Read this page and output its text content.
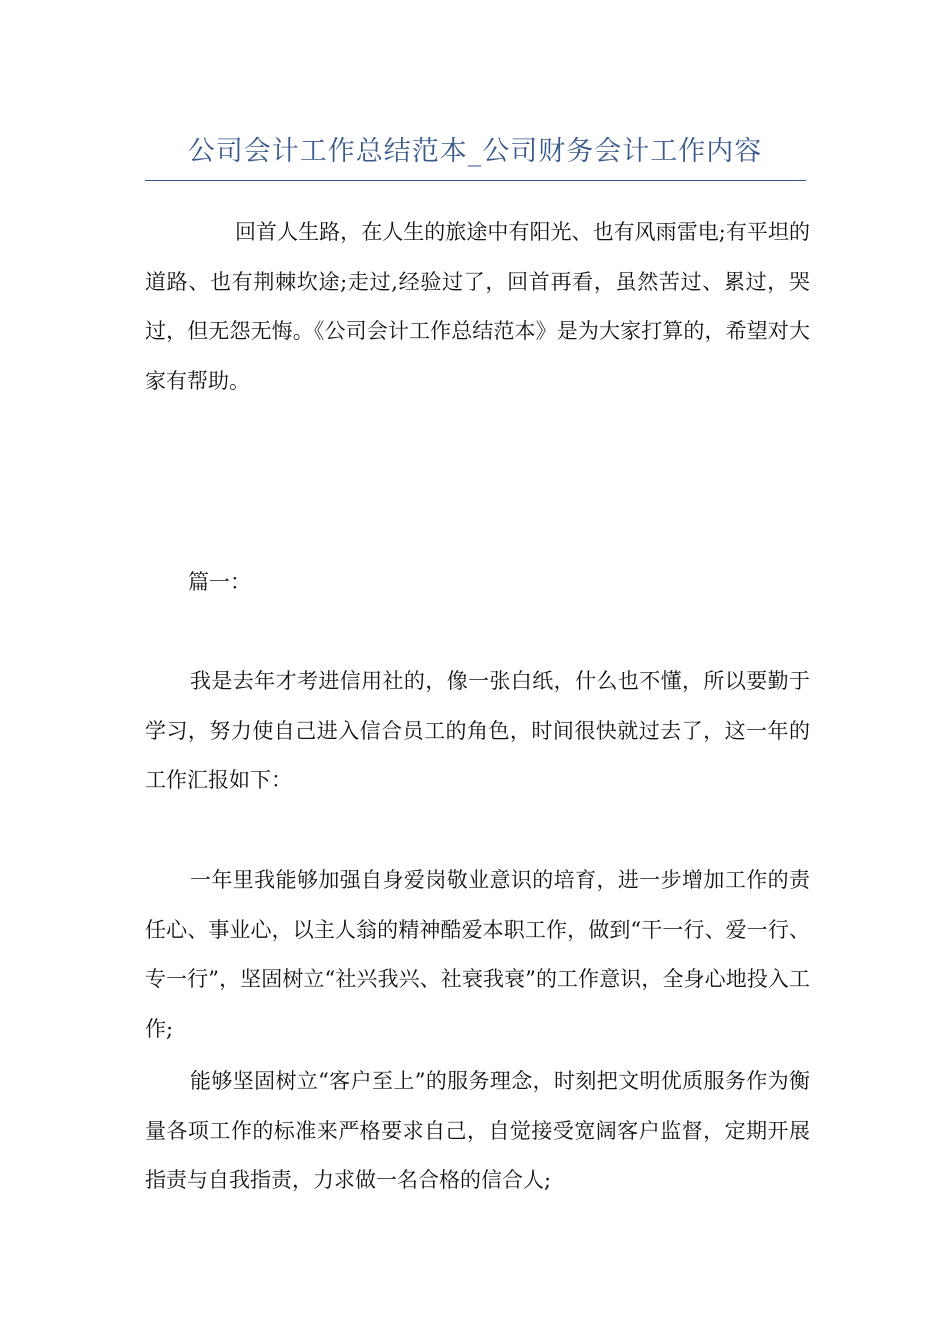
公司会计工作总结范本_公司财务会计工作内容

回首人生路，在人生的旅途中有阳光、也有风雨雷电;有平坦的道路、也有荆棘坎途;走过,经验过了，回首再看，虽然苦过、累过，哭过，但无怨无悔。《公司会计工作总结范本》是为大家打算的，希望对大家有帮助。

篇一：

我是去年才考进信用社的，像一张白纸，什么也不懂，所以要勤于学习，努力使自己进入信合员工的角色，时间很快就过去了，这一年的工作汇报如下：

一年里我能够加强自身爱岗敬业意识的培育，进一步增加工作的责任心、事业心，以主人翁的精神酷爱本职工作，做到“干一行、爱一行、专一行”，坚固树立“社兴我兴、社衰我衰”的工作意识，全身心地投入工作;

能够坚固树立“客户至上”的服务理念，时刻把文明优质服务作为衡量各项工作的标准来严格要求自己，自觉接受宽阔客户监督，定期开展指责与自我指责，力求做一名合格的信合人;
